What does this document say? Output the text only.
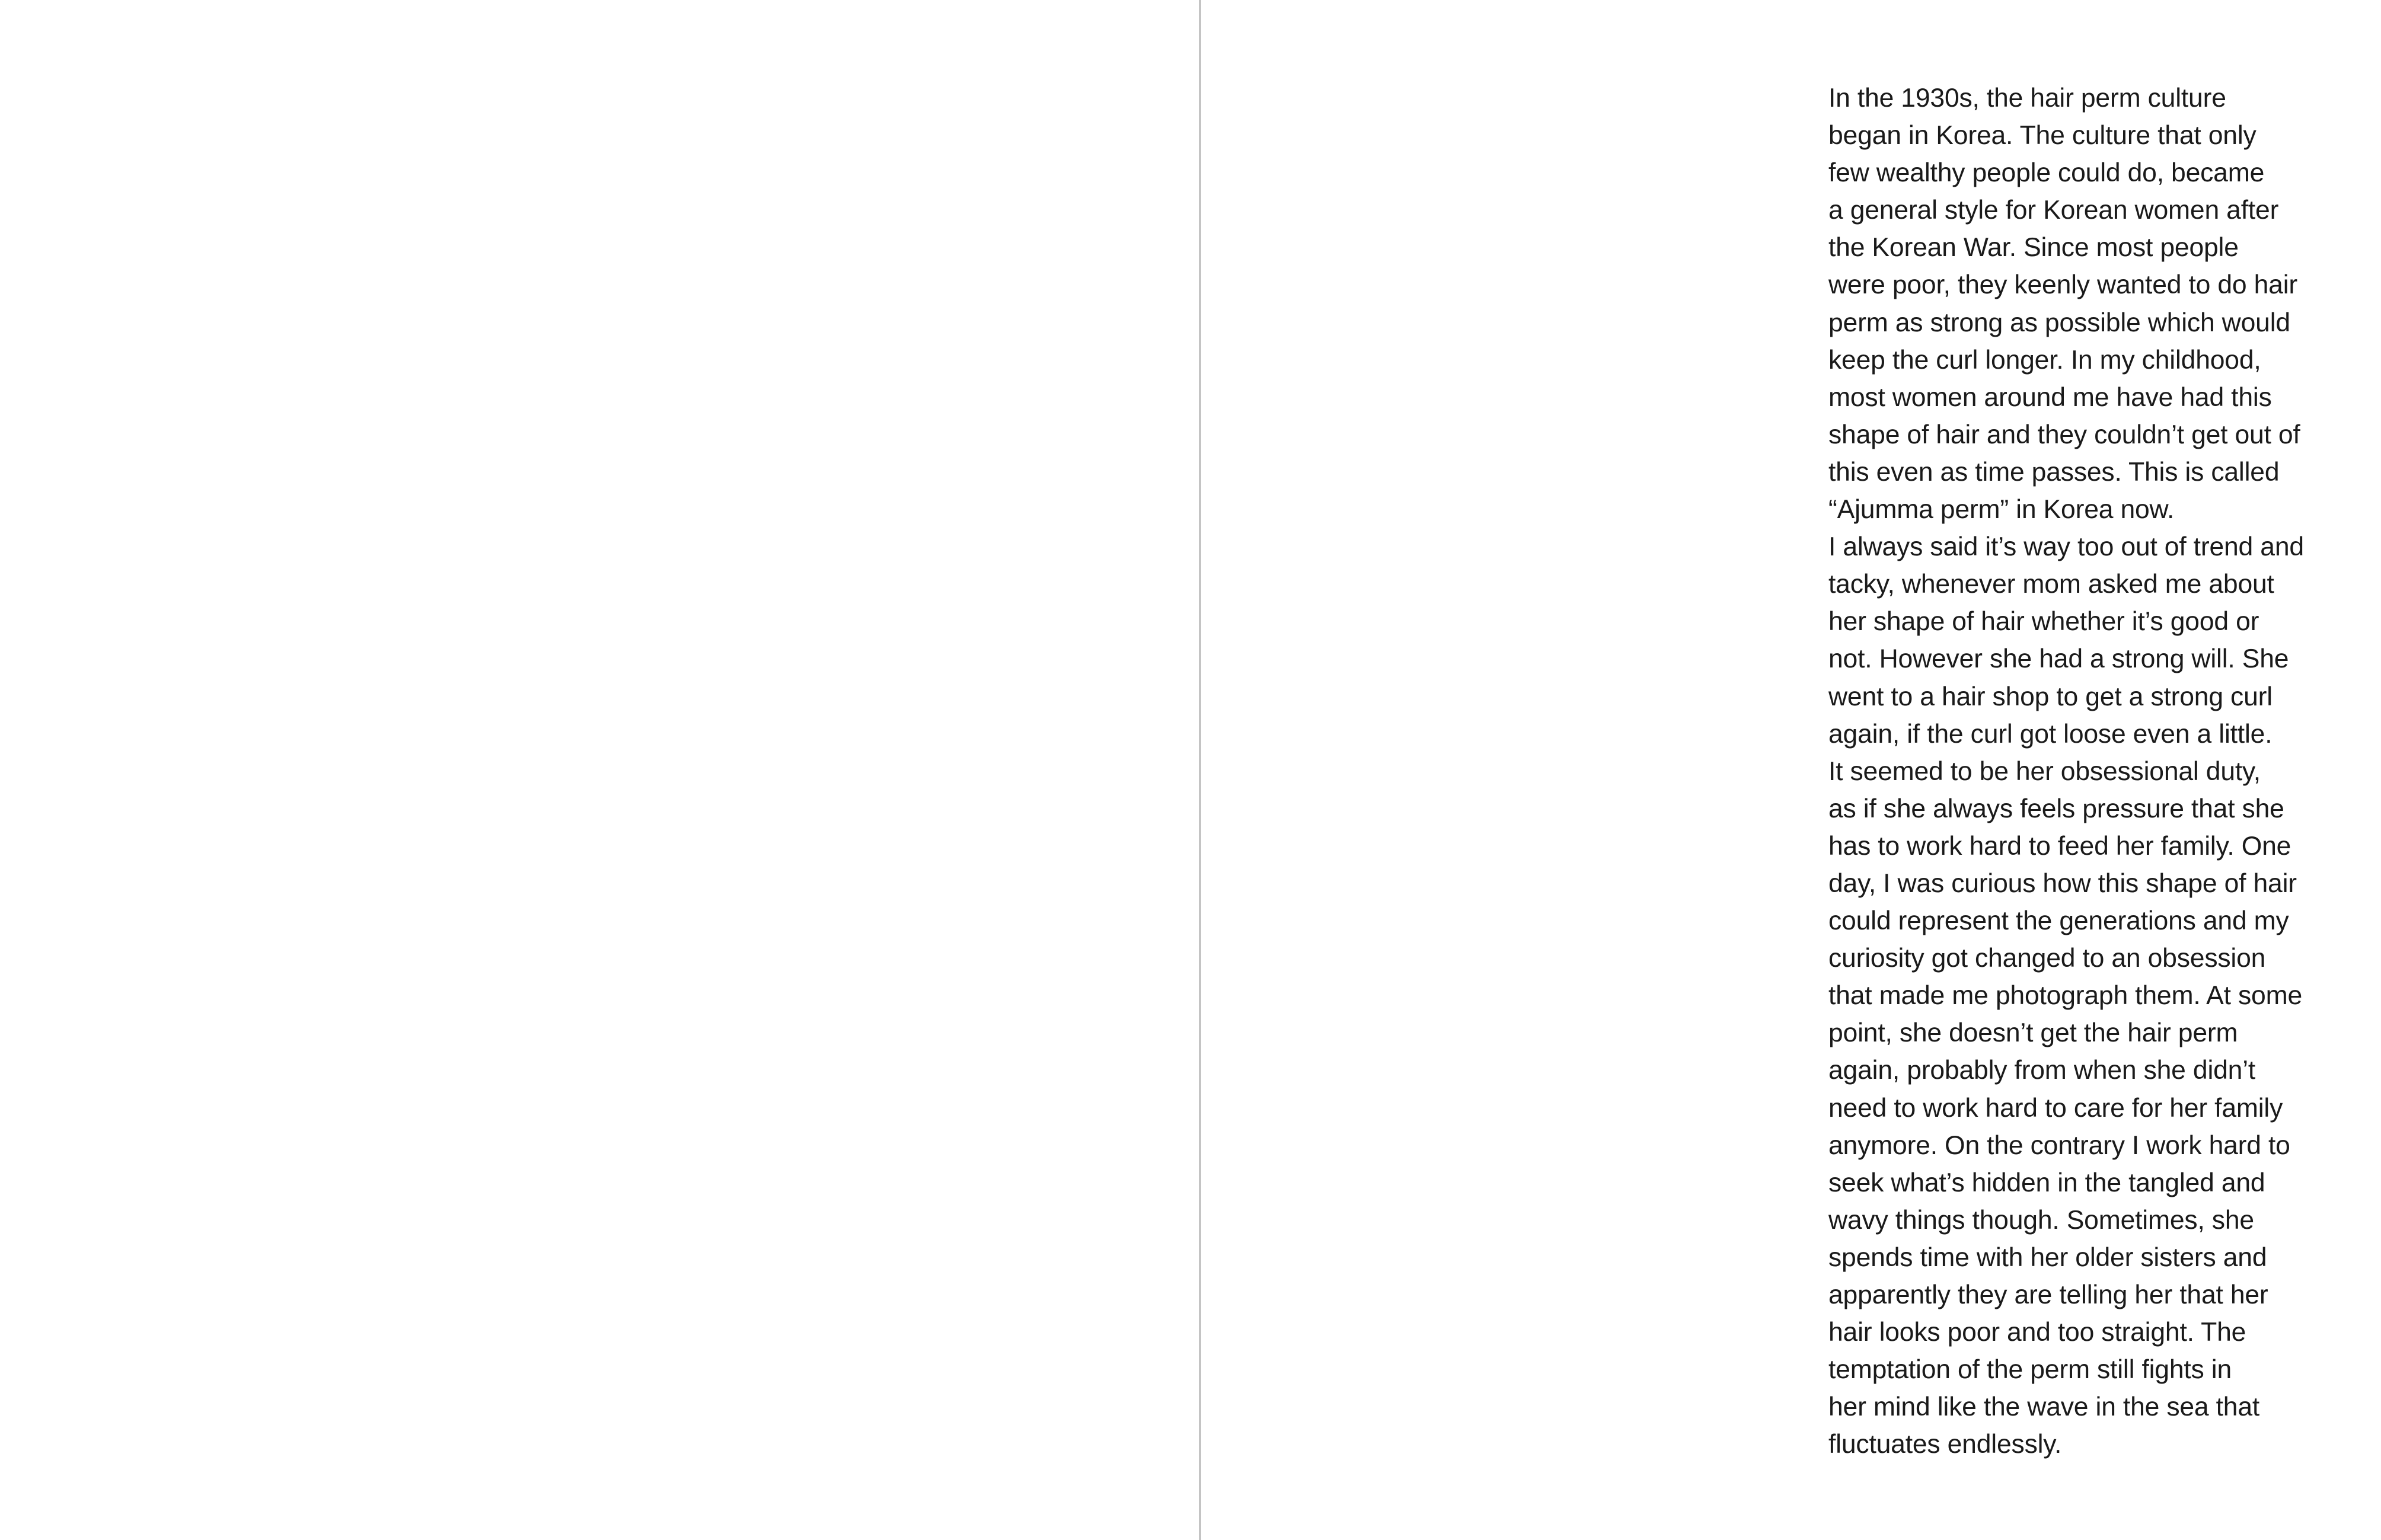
In the 1930s, the hair perm culture
began in Korea. The culture that only
few wealthy people could do, became
a general style for Korean women after
the Korean War. Since most people
were poor, they keenly wanted to do hair
perm as strong as possible which would
keep the curl longer. In my childhood,
most women around me have had this
shape of hair and they couldn’t get out of
this even as time passes. This is called
“Ajumma perm” in Korea now.
I always said it’s way too out of trend and
tacky, whenever mom asked me about
her shape of hair whether it’s good or
not. However she had a strong will. She
went to a hair shop to get a strong curl
again, if the curl got loose even a little.
It seemed to be her obsessional duty,
as if she always feels pressure that she
has to work hard to feed her family. One
day, I was curious how this shape of hair
could represent the generations and my
curiosity got changed to an obsession
that made me photograph them. At some
point, she doesn’t get the hair perm
again, probably from when she didn’t
need to work hard to care for her family
anymore. On the contrary I work hard to
seek what’s hidden in the tangled and
wavy things though. Sometimes, she
spends time with her older sisters and
apparently they are telling her that her
hair looks poor and too straight. The
temptation of the perm still fights in
her mind like the wave in the sea that
fluctuates endlessly.
